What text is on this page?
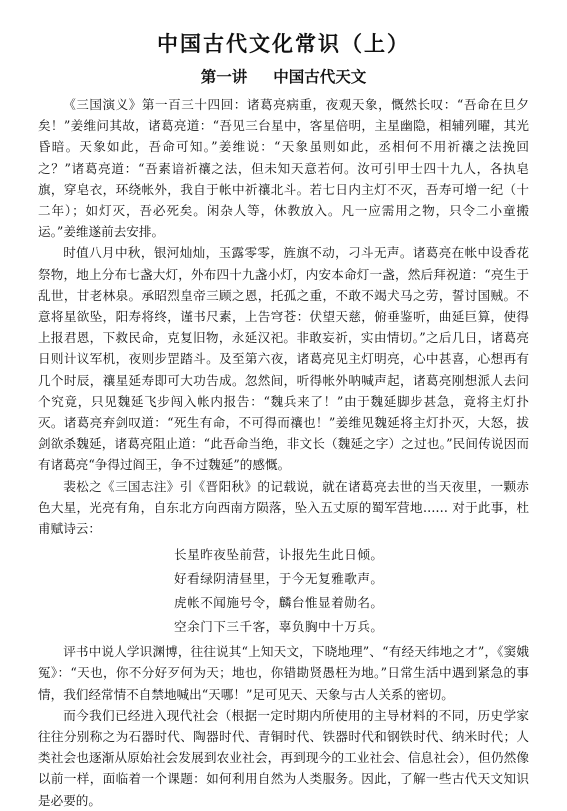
中国古代文化常识（上）
第一讲 中国古代天文

《三国演义》第一百三十四回：诸葛亮病重，夜观天象，慨然长叹：“吾命在旦夕矣！”姜维问其故，诸葛亮道：“吾见三台星中，客星倍明，主星幽隐，相辅列曜，其光昏暗。天象如此，吾命可知。”姜维说：“天象虽则如此，丞相何不用祈禳之法挽回之？”诸葛亮道：“吾素谙祈禳之法，但未知天意若何。汝可引甲士四十九人，各执皂旗，穿皂衣，环绕帐外，我自于帐中祈禳北斗。若七日内主灯不灭，吾寿可增一纪（十二年）；如灯灭，吾必死矣。闲杂人等，休教放入。凡一应需用之物，只令二小童搬运。”姜维遂前去安排。

时值八月中秋，银河灿灿，玉露零零，旌旗不动，刁斗无声。诸葛亮在帐中设香花祭物，地上分布七盏大灯，外布四十九盏小灯，内安本命灯一盏，然后拜祝道：“亮生于乱世，甘老林泉。承昭烈皇帝三顾之恩，托孤之重，不敢不竭犬马之劳，誓讨国贼。不意将星欲坠，阳寿将终，谨书尺素，上告穹苍：伏望天慈，俯垂鉴听，曲延巨算，使得上报君恩，下救民命，克复旧物，永延汉祀。非敢妄祈，实由情切。”之后几日，诸葛亮日则计议军机，夜则步罡踏斗。及至第六夜，诸葛亮见主灯明亮，心中甚喜，心想再有几个时辰，禳星延寿即可大功告成。忽然间，听得帐外呐喊声起，诸葛亮刚想派人去问个究竟，只见魏延飞步闯入帐内报告：“魏兵来了！”由于魏延脚步甚急，竟将主灯扑灭。诸葛亮弃剑叹道：“死生有命，不可得而禳也！”姜维见魏延将主灯扑灭，大怒，拔剑欲杀魏延，诸葛亮阻止道：“此吾命当绝，非文长（魏延之字）之过也。”民间传说因而有诸葛亮“争得过阎王，争不过魏延”的感慨。

裴松之《三国志注》引《晋阳秋》的记载说，就在诸葛亮去世的当天夜里，一颗赤色大星，光亮有角，自东北方向西南方陨落，坠入五丈原的蜀军营地…… 对于此事，杜甫赋诗云：

长星昨夜坠前营，讣报先生此日倾。
好看绿阴清昼里，于今无复雅歌声。
虎帐不闻施号令，麟台惟显着勋名。
空余门下三千客，辜负胸中十万兵。

评书中说人学识渊博，往往说其“上知天文，下晓地理”、“有经天纬地之才”，《窦娥冤》：“天也，你不分好歹何为天；地也，你错勘贤愚枉为地。”日常生活中遇到紧急的事情，我们经常情不自禁地喊出“天哪！”足可见天、天象与古人关系的密切。

而今我们已经进入现代社会（根据一定时期内所使用的主导材料的不同，历史学家往往分别称之为石器时代、陶器时代、青铜时代、铁器时代和钢铁时代、纳米时代；人类社会也逐渐从原始社会发展到农业社会，再到现今的工业社会、信息社会），但仍然像以前一样，面临着一个课题：如何利用自然为人类服务。因此，了解一些古代天文知识是必要的。
